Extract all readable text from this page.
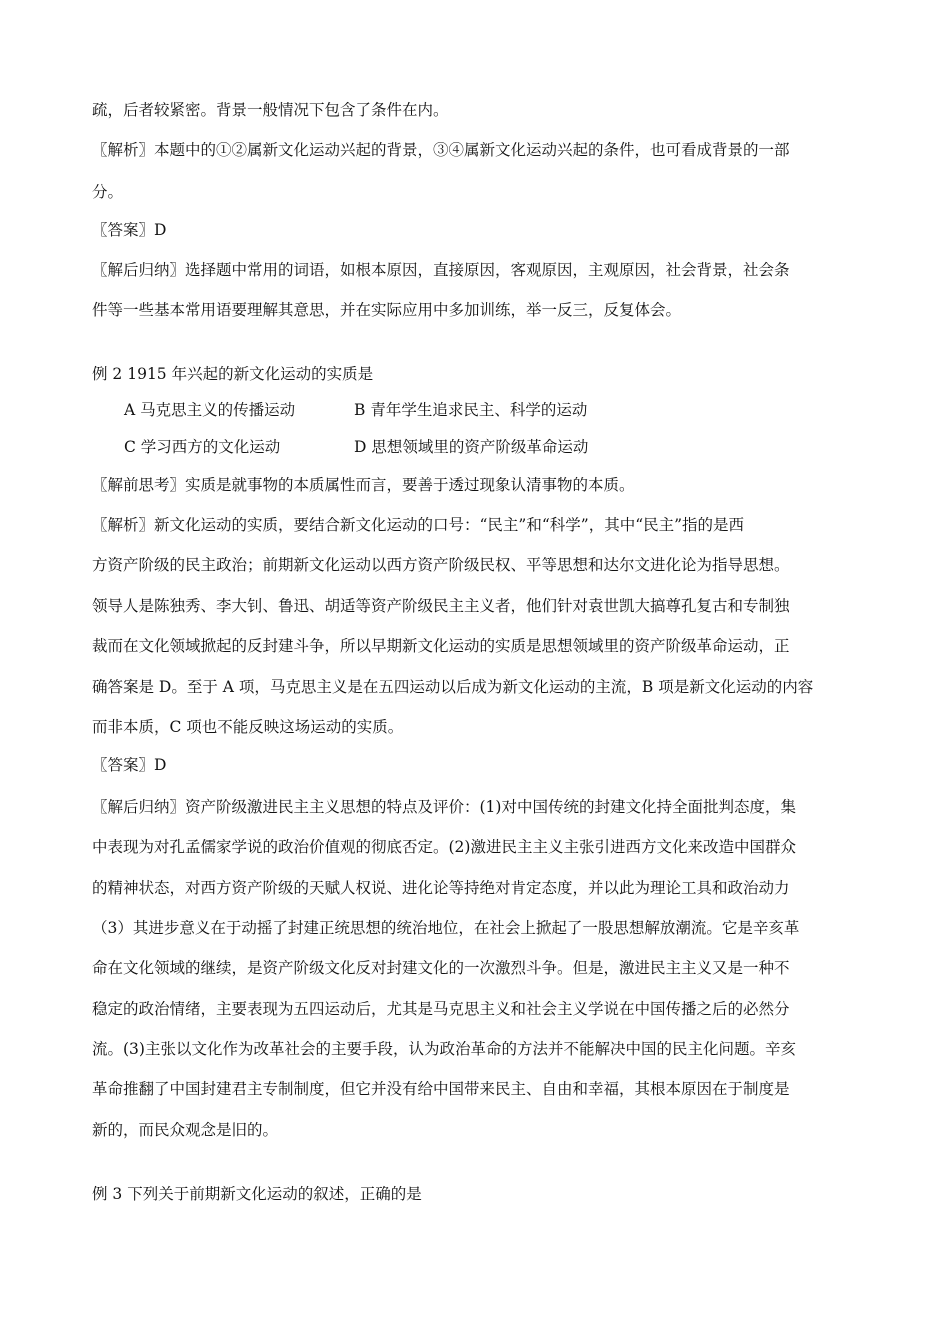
疏，后者较紧密。背景一般情况下包含了条件在内。
〖解析〗本题中的①②属新文化运动兴起的背景，③④属新文化运动兴起的条件，也可看成背景的一部
分。
〖答案〗D
〖解后归纳〗选择题中常用的词语，如根本原因，直接原因，客观原因，主观原因，社会背景，社会条
件等一些基本常用语要理解其意思，并在实际应用中多加训练，举一反三，反复体会。
例 2 1915 年兴起的新文化运动的实质是
A 马克思主义的传播运动	B 青年学生追求民主、科学的运动
C 学习西方的文化运动	D 思想领域里的资产阶级革命运动
〖解前思考〗实质是就事物的本质属性而言，要善于透过现象认清事物的本质。
〖解析〗新文化运动的实质，要结合新文化运动的口号：“民主”和“科学”，其中“民主”指的是西
方资产阶级的民主政治；前期新文化运动以西方资产阶级民权、平等思想和达尔文进化论为指导思想。
领导人是陈独秀、李大钊、鲁迅、胡适等资产阶级民主主义者，他们针对袁世凯大搞尊孔复古和专制独
裁而在文化领域掀起的反封建斗争，所以早期新文化运动的实质是思想领域里的资产阶级革命运动，正
确答案是 D。至于 A 项，马克思主义是在五四运动以后成为新文化运动的主流，B 项是新文化运动的内容
而非本质，C 项也不能反映这场运动的实质。
〖答案〗D
〖解后归纳〗资产阶级激进民主主义思想的特点及评价：(1)对中国传统的封建文化持全面批判态度，集
中表现为对孔孟儒家学说的政治价值观的彻底否定。(2)激进民主主义主张引进西方文化来改造中国群众
的精神状态，对西方资产阶级的天赋人权说、进化论等持绝对肯定态度，并以此为理论工具和政治动力
（3）其进步意义在于动摇了封建正统思想的统治地位，在社会上掀起了一股思想解放潮流。它是辛亥革
命在文化领域的继续，是资产阶级文化反对封建文化的一次激烈斗争。但是，激进民主主义又是一种不
稳定的政治情绪，主要表现为五四运动后，尤其是马克思主义和社会主义学说在中国传播之后的必然分
流。(3)主张以文化作为改革社会的主要手段，认为政治革命的方法并不能解决中国的民主化问题。辛亥
革命推翻了中国封建君主专制制度，但它并没有给中国带来民主、自由和幸福，其根本原因在于制度是
新的，而民众观念是旧的。
例 3 下列关于前期新文化运动的叙述，正确的是
